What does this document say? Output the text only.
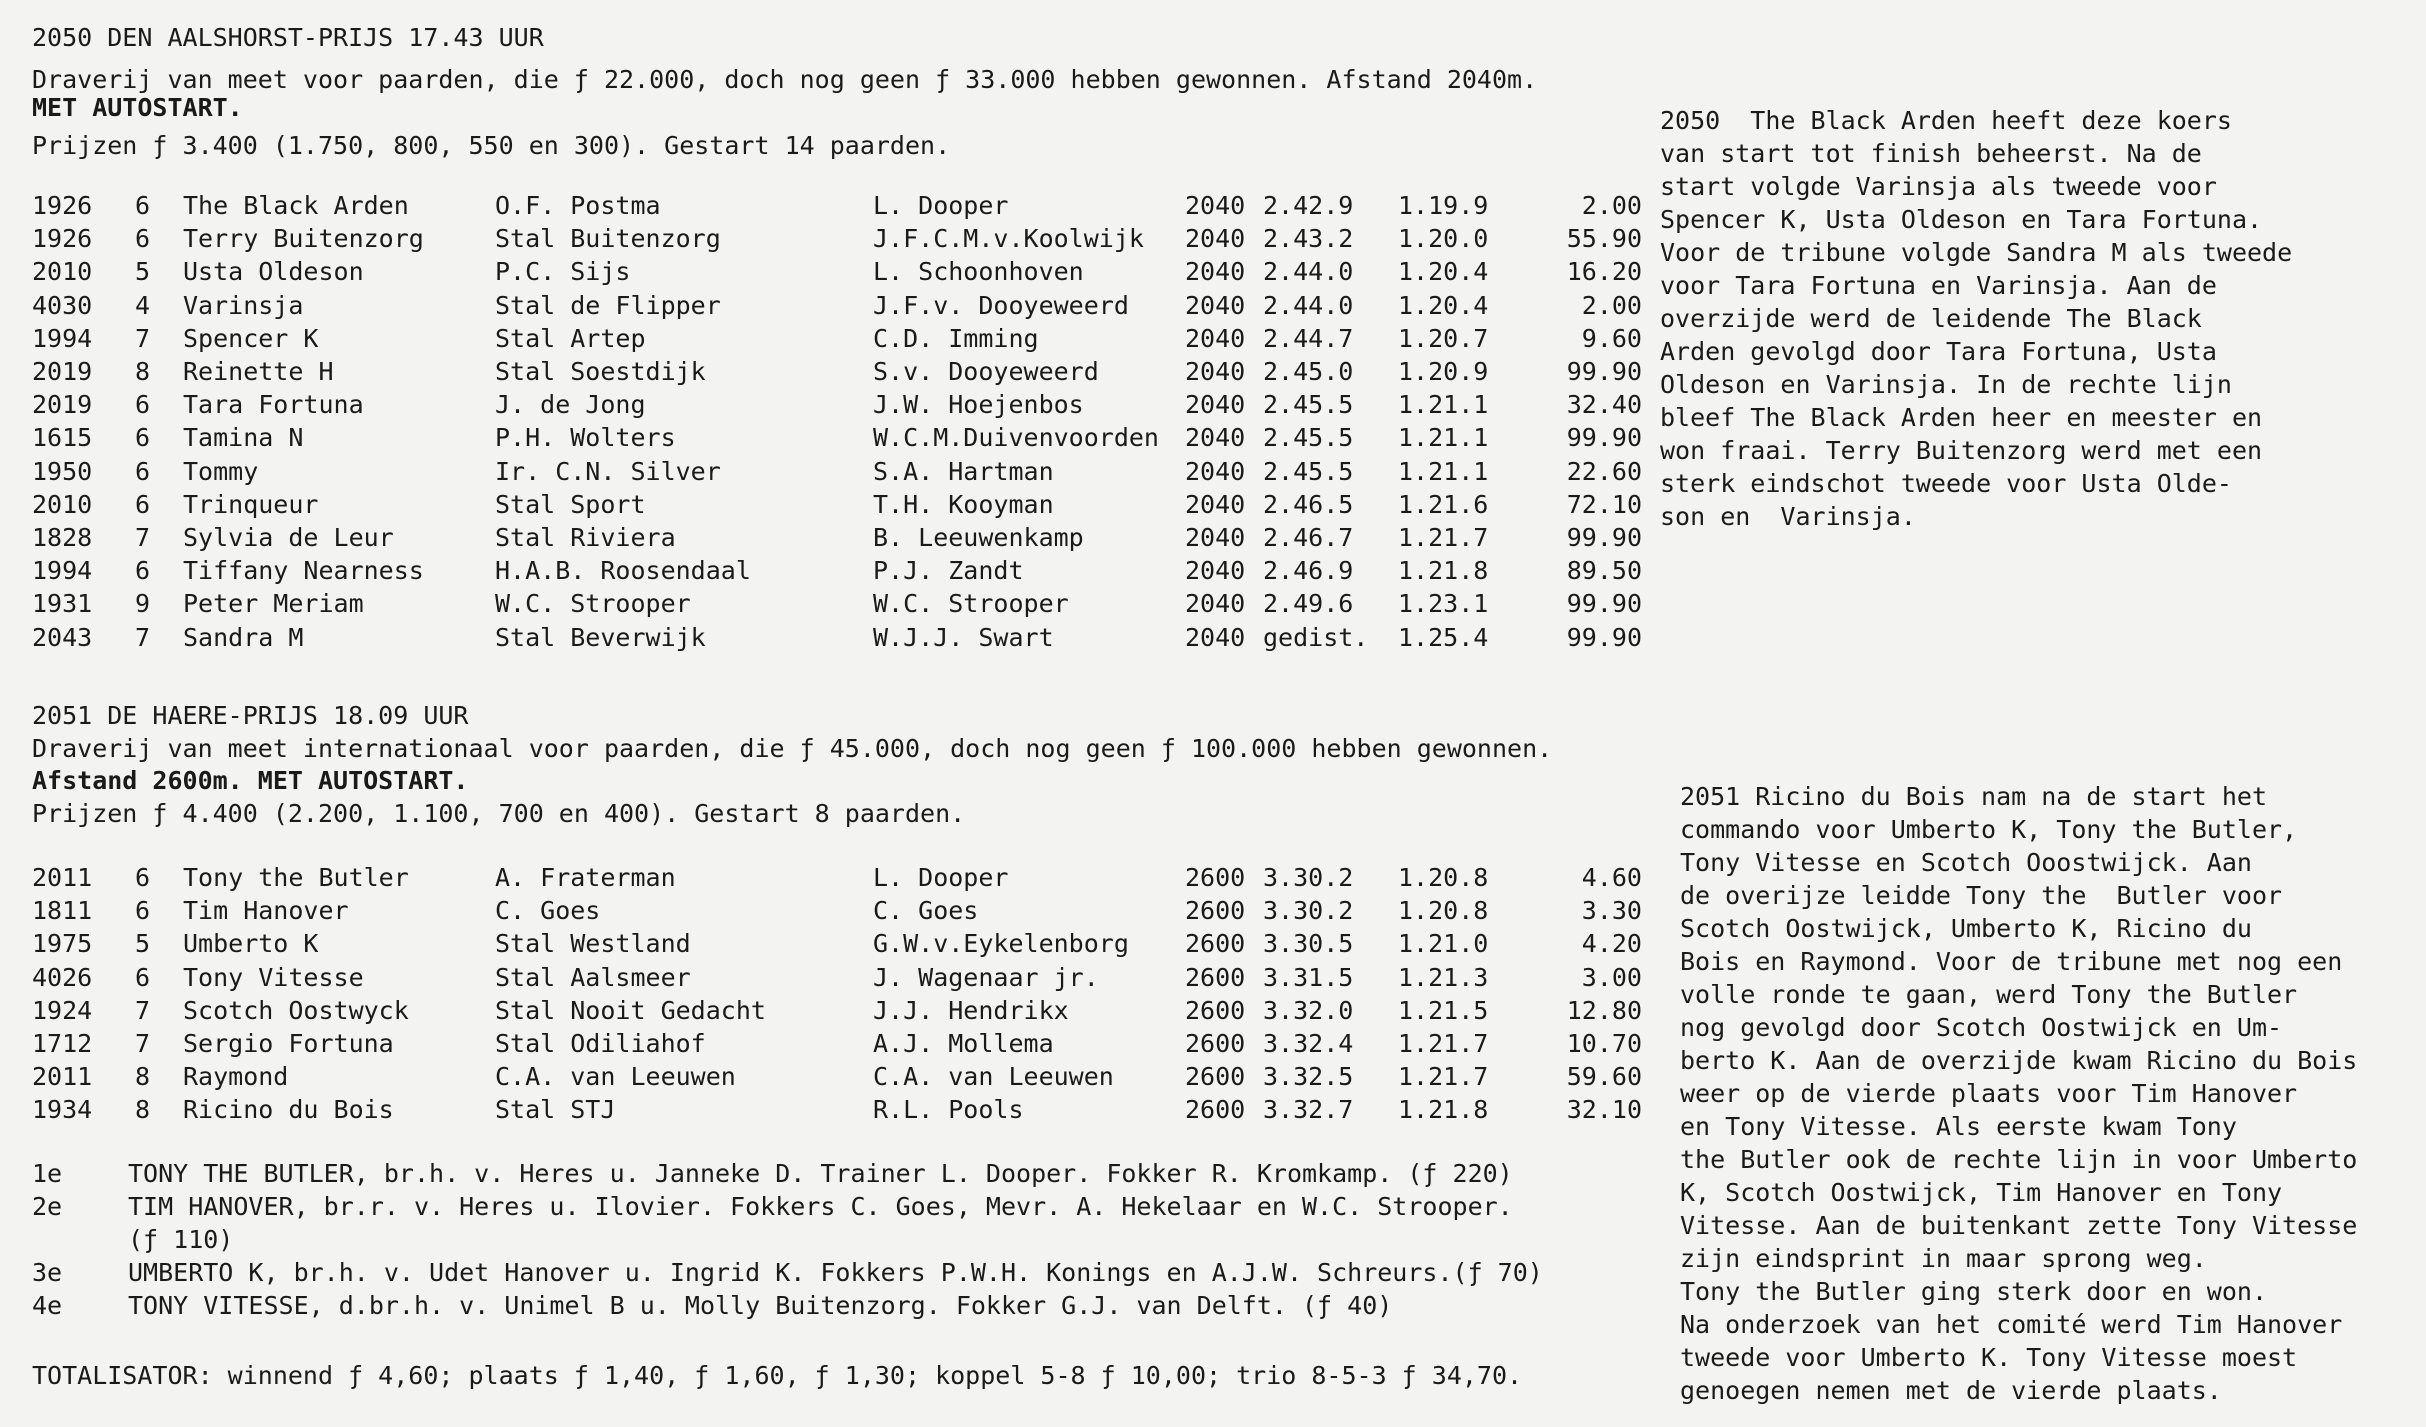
2050 DEN AALSHORST-PRIJS 17.43 UUR
Draverij van meet voor paarden, die ƒ 22.000, doch nog geen ƒ 33.000 hebben gewonnen. Afstand 2040m.
MET AUTOSTART.
Prijzen ƒ 3.400 (1.750, 800, 550 en 300). Gestart 14 paarden.
1926 6 The Black Arden	O.F. Postma	L. Dooper	2040 2.42.9 1.19.9	2.00
1926 6 Terry Buitenzorg	Stal Buitenzorg	J.F.C.M.v.Koolwijk 2040 2.43.2 1.20.0	55.90
2010 5 Usta Oldeson	P.C. Sijs	L. Schoonhoven	2040 2.44.0 1.20.4	16.20
4030 4 Varinsja	Stal de Flipper	J.F.v. Dooyeweerd 2040 2.44.0 1.20.4	2.00
1994 7 Spencer K	Stal Artep	C.D. Imming	2040 2.44.7 1.20.7	9.60
2019 8 Reinette H	Stal Soestdijk	S.v. Dooyeweerd	2040 2.45.0 1.20.9	99.90
2019 6 Tara Fortuna	J. de Jong	J.W. Hoejenbos	2040 2.45.5 1.21.1	32.40
1615 6 Tamina N	P.H. Wolters	W.C.M.Duivenvoorden 2040 2.45.5 1.21.1	99.90
1950 6 Tommy	Ir. C.N. Silver	S.A. Hartman	2040 2.45.5 1.21.1	22.60
2010 6 Trinqueur	Stal Sport	T.H. Kooyman	2040 2.46.5 1.21.6	72.10
1828 7 Sylvia de Leur	Stal Riviera	B. Leeuwenkamp	2040 2.46.7 1.21.7	99.90
1994 6 Tiffany Nearness	H.A.B. Roosendaal	P.J. Zandt	2040 2.46.9 1.21.8	89.50
1931 9 Peter Meriam	W.C. Strooper	W.C. Strooper	2040 2.49.6 1.23.1	99.90
2043 7 Sandra M	Stal Beverwijk	W.J.J. Swart	2040 gedist. 1.25.4	99.90
2050  The Black Arden heeft deze koers
van start tot finish beheerst. Na de
start volgde Varinsja als tweede voor
Spencer K, Usta Oldeson en Tara Fortuna.
Voor de tribune volgde Sandra M als tweede
voor Tara Fortuna en Varinsja. Aan de
overzijde werd de leidende The Black
Arden gevolgd door Tara Fortuna, Usta
Oldeson en Varinsja. In de rechte lijn
bleef The Black Arden heer en meester en
won fraai. Terry Buitenzorg werd met een
sterk eindschot tweede voor Usta Olde-
son en  Varinsja.
2051 DE HAERE-PRIJS 18.09 UUR
Draverij van meet internationaal voor paarden, die ƒ 45.000, doch nog geen ƒ 100.000 hebben gewonnen.
Afstand 2600m. MET AUTOSTART.
Prijzen ƒ 4.400 (2.200, 1.100, 700 en 400). Gestart 8 paarden.
2011 6 Tony the Butler	A. Fraterman	L. Dooper	2600 3.30.2 1.20.8	4.60
1811 6 Tim Hanover	C. Goes	C. Goes	2600 3.30.2 1.20.8	3.30
1975 5 Umberto K	Stal Westland	G.W.v.Eykelenborg 2600 3.30.5 1.21.0	4.20
4026 6 Tony Vitesse	Stal Aalsmeer	J. Wagenaar jr.	2600 3.31.5 1.21.3	3.00
1924 7 Scotch Oostwyck	Stal Nooit Gedacht	J.J. Hendrikx	2600 3.32.0 1.21.5	12.80
1712 7 Sergio Fortuna	Stal Odiliahof	A.J. Mollema	2600 3.32.4 1.21.7	10.70
2011 8 Raymond	C.A. van Leeuwen	C.A. van Leeuwen	2600 3.32.5 1.21.7	59.60
1934 8 Ricino du Bois	Stal STJ	R.L. Pools	2600 3.32.7 1.21.8	32.10
2051 Ricino du Bois nam na de start het
commando voor Umberto K, Tony the Butler,
Tony Vitesse en Scotch Ooostwijck. Aan
de overijze leidde Tony the  Butler voor
Scotch Oostwijck, Umberto K, Ricino du
Bois en Raymond. Voor de tribune met nog een
volle ronde te gaan, werd Tony the Butler
nog gevolgd door Scotch Oostwijck en Um-
berto K. Aan de overzijde kwam Ricino du Bois
weer op de vierde plaats voor Tim Hanover
en Tony Vitesse. Als eerste kwam Tony
the Butler ook de rechte lijn in voor Umberto
K, Scotch Oostwijck, Tim Hanover en Tony
Vitesse. Aan de buitenkant zette Tony Vitesse
zijn eindsprint in maar sprong weg.
Tony the Butler ging sterk door en won.
Na onderzoek van het comité werd Tim Hanover
tweede voor Umberto K. Tony Vitesse moest
genoegen nemen met de vierde plaats.
1e	TONY THE BUTLER, br.h. v. Heres u. Janneke D. Trainer L. Dooper. Fokker R. Kromkamp. (ƒ 220)
2e	TIM HANOVER, br.r. v. Heres u. Ilovier. Fokkers C. Goes, Mevr. A. Hekelaar en W.C. Strooper.
(ƒ 110)
3e	UMBERTO K, br.h. v. Udet Hanover u. Ingrid K. Fokkers P.W.H. Konings en A.J.W. Schreurs.(ƒ 70)
4e	TONY VITESSE, d.br.h. v. Unimel B u. Molly Buitenzorg. Fokker G.J. van Delft. (ƒ 40)
TOTALISATOR: winnend ƒ 4,60; plaats ƒ 1,40, ƒ 1,60, ƒ 1,30; koppel 5-8 ƒ 10,00; trio 8-5-3 ƒ 34,70.
